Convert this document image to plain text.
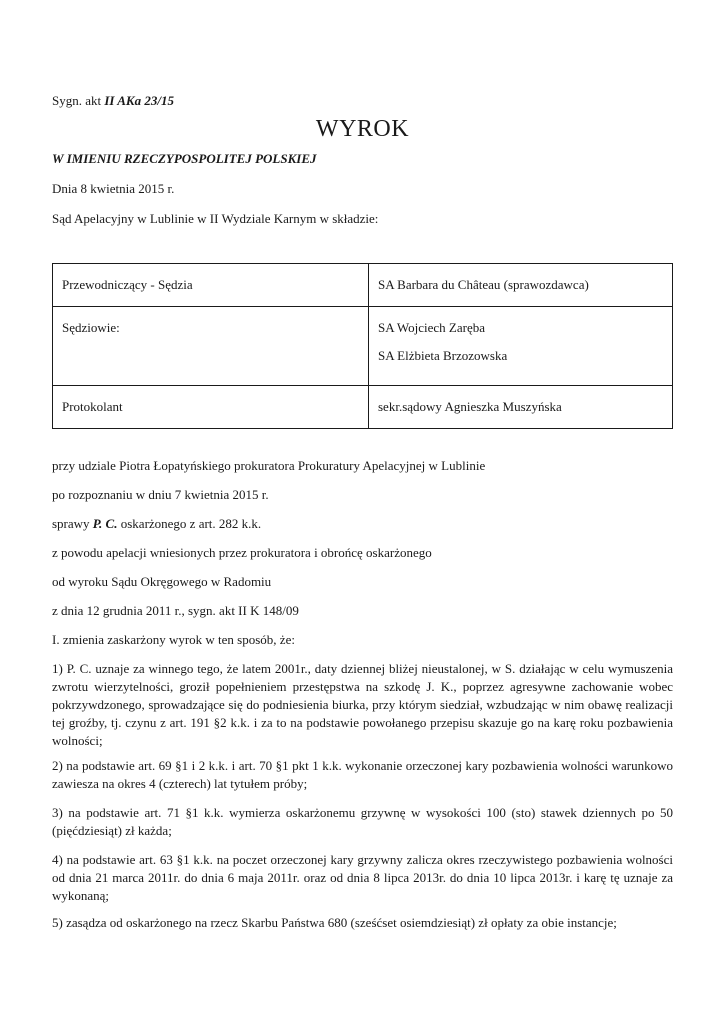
Sygn. akt II AKa 23/15
WYROK
W IMIENIU RZECZYPOSPOLITEJ POLSKIEJ
Dnia 8 kwietnia 2015 r.
Sąd Apelacyjny w Lublinie w II Wydziale Karnym w składzie:
Przewodniczący - Sędzia	SA Barbara du Château (sprawozdawca)
Sędziowie:	SA Wojciech Zaręba
SA Elżbieta Brzozowska

Protokolant	sekr.sądowy Agnieszka Muszyńska
przy udziale Piotra Łopatyńskiego prokuratora Prokuratury Apelacyjnej w Lublinie
po rozpoznaniu w dniu 7 kwietnia 2015 r.
sprawy P. C. oskarżonego z art. 282 k.k.
z powodu apelacji wniesionych przez prokuratora i obrońcę oskarżonego
od wyroku Sądu Okręgowego w Radomiu
z dnia 12 grudnia 2011 r., sygn. akt II K 148/09
I. zmienia zaskarżony wyrok w ten sposób, że:
1) P. C. uznaje za winnego tego, że latem 2001r., daty dziennej bliżej nieustalonej, w S. działając w celu wymuszenia zwrotu wierzytelności, groził popełnieniem przestępstwa na szkodę J. K., poprzez agresywne zachowanie wobec pokrzywdzonego, sprowadzające się do podniesienia biurka, przy którym siedział, wzbudzając w nim obawę realizacji tej groźby, tj. czynu z art. 191 §2 k.k. i za to na podstawie powołanego przepisu skazuje go na karę roku pozbawienia wolności;
2) na podstawie art. 69 §1 i 2 k.k. i art. 70 §1 pkt 1 k.k. wykonanie orzeczonej kary pozbawienia wolności warunkowo zawiesza na okres 4 (czterech) lat tytułem próby;
3) na podstawie art. 71 §1 k.k. wymierza oskarżonemu grzywnę w wysokości 100 (sto) stawek dziennych po 50 (pięćdziesiąt) zł każda;
4) na podstawie art. 63 §1 k.k. na poczet orzeczonej kary grzywny zalicza okres rzeczywistego pozbawienia wolności od dnia 21 marca 2011r. do dnia 6 maja 2011r. oraz od dnia 8 lipca 2013r. do dnia 10 lipca 2013r. i karę tę uznaje za wykonaną;
5) zasądza od oskarżonego na rzecz Skarbu Państwa 680 (sześćset osiemdziesiąt) zł opłaty za obie instancje;
